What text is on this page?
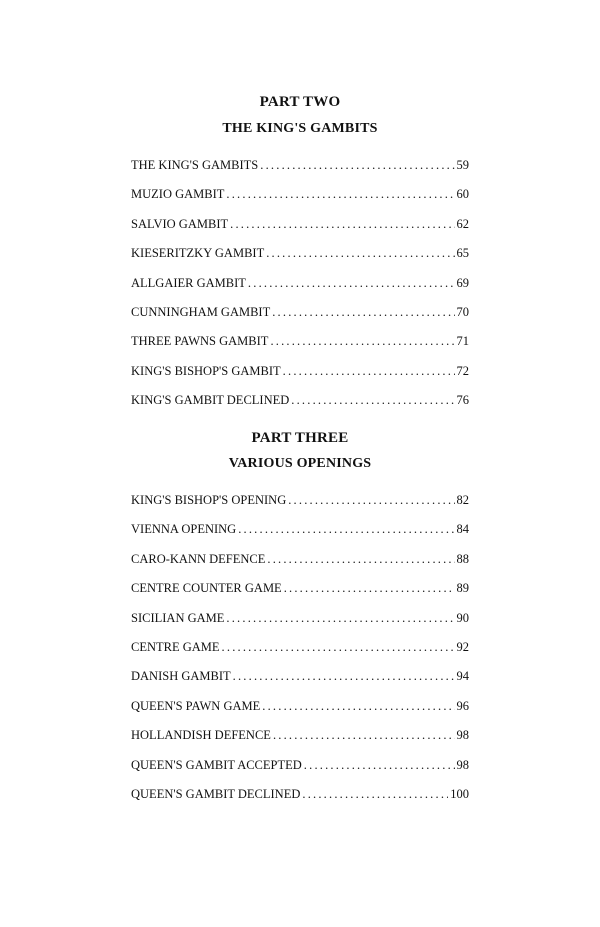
PART TWO
THE KING'S GAMBITS
THE KING'S GAMBITS .....	59
MUZIO GAMBIT .....	60
SALVIO GAMBIT .....	62
KIESERITZKY GAMBIT .....	65
ALLGAIER GAMBIT .....	69
CUNNINGHAM GAMBIT .....	70
THREE PAWNS GAMBIT .....	71
KING'S BISHOP'S GAMBIT .....	72
KING'S GAMBIT DECLINED .....	76
PART THREE
VARIOUS OPENINGS
KING'S BISHOP'S OPENING .....	82
VIENNA OPENING .....	84
CARO-KANN DEFENCE .....	88
CENTRE COUNTER GAME .....	89
SICILIAN GAME .....	90
CENTRE GAME .....	92
DANISH GAMBIT .....	94
QUEEN'S PAWN GAME .....	96
HOLLANDISH DEFENCE .....	98
QUEEN'S GAMBIT ACCEPTED .....	98
QUEEN'S GAMBIT DECLINED .....	100
